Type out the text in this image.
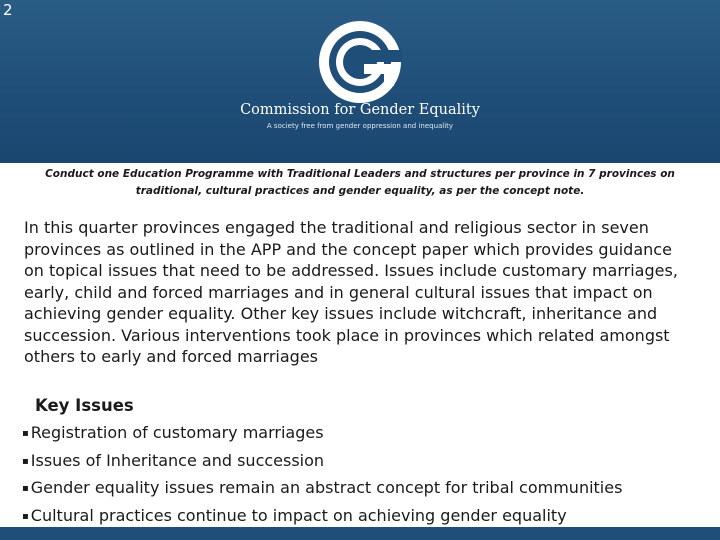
2
Commission for Gender Equality
A society free from gender oppression and inequality
Conduct one Education Programme with Traditional Leaders and structures per province in 7 provinces on
traditional, cultural practices and gender equality, as per the concept note.
In this quarter provinces engaged the traditional and religious sector in seven provinces as outlined in the APP and the concept paper which provides guidance on topical issues that need to be addressed. Issues include customary marriages, early, child and forced marriages and in general cultural issues that impact on achieving gender equality. Other key issues include witchcraft, inheritance and succession. Various interventions took place in provinces which related amongst others to early and forced marriages
Key Issues
▪ Registration of customary marriages
▪ Issues of Inheritance and succession
▪ Gender equality issues remain an abstract concept for tribal communities
▪ Cultural practices continue to impact on achieving gender equality
